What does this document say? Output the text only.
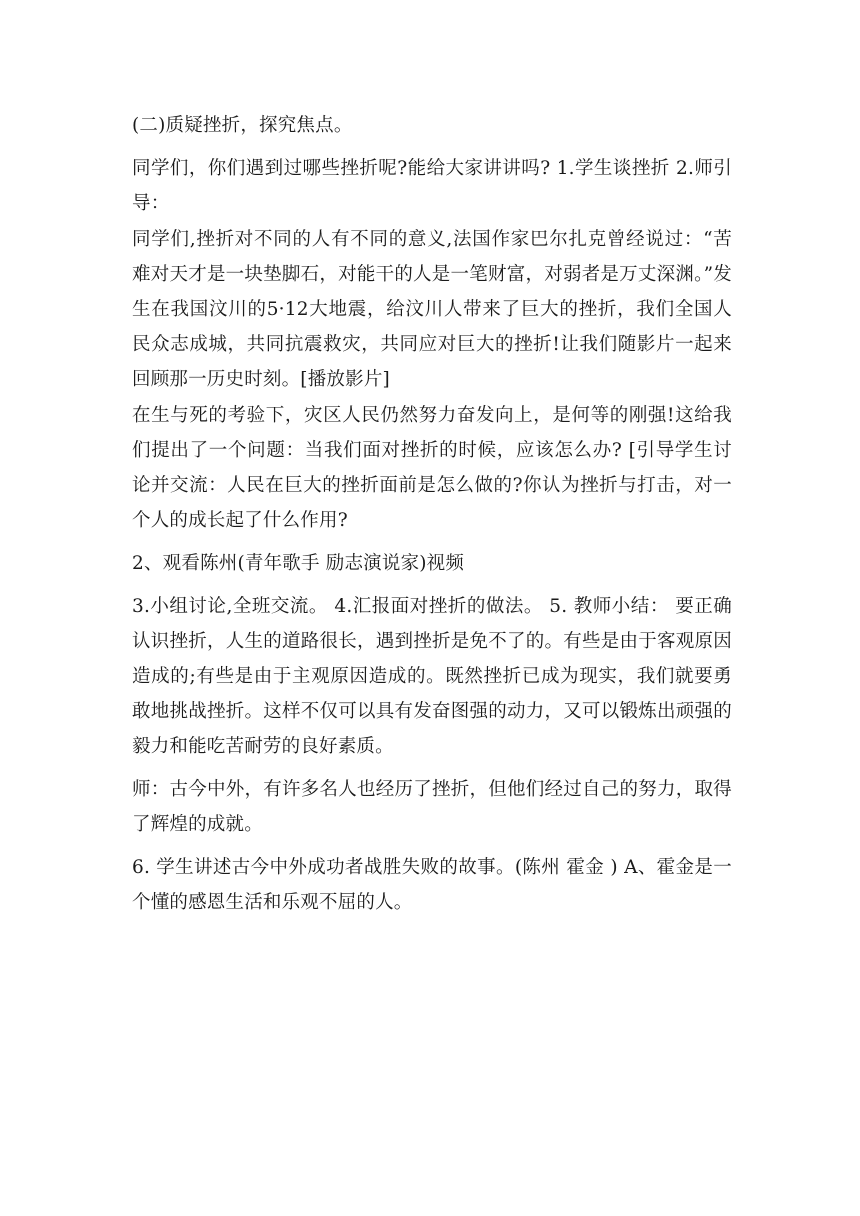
(二)质疑挫折，探究焦点。

同学们，你们遇到过哪些挫折呢?能给大家讲讲吗? 1.学生谈挫折 2.师引导：

同学们,挫折对不同的人有不同的意义,法国作家巴尔扎克曾经说过：“苦难对天才是一块垫脚石，对能干的人是一笔财富，对弱者是万丈深渊。”发生在我国汶川的5·12大地震，给汶川人带来了巨大的挫折，我们全国人民众志成城，共同抗震救灾，共同应对巨大的挫折!让我们随影片一起来回顾那一历史时刻。[播放影片]

在生与死的考验下，灾区人民仍然努力奋发向上，是何等的刚强!这给我们提出了一个问题：当我们面对挫折的时候，应该怎么办? [引导学生讨论并交流：人民在巨大的挫折面前是怎么做的?你认为挫折与打击，对一个人的成长起了什么作用?

2、观看陈州(青年歌手 励志演说家)视频

3.小组讨论,全班交流。 4.汇报面对挫折的做法。 5. 教师小结： 要正确认识挫折，人生的道路很长，遇到挫折是免不了的。有些是由于客观原因造成的;有些是由于主观原因造成的。既然挫折已成为现实，我们就要勇敢地挑战挫折。这样不仅可以具有发奋图强的动力，又可以锻炼出顽强的毅力和能吃苦耐劳的良好素质。

师：古今中外，有许多名人也经历了挫折，但他们经过自己的努力，取得了辉煌的成就。

6. 学生讲述古今中外成功者战胜失败的故事。(陈州 霍金 ) A、霍金是一个懂的感恩生活和乐观不屈的人。
